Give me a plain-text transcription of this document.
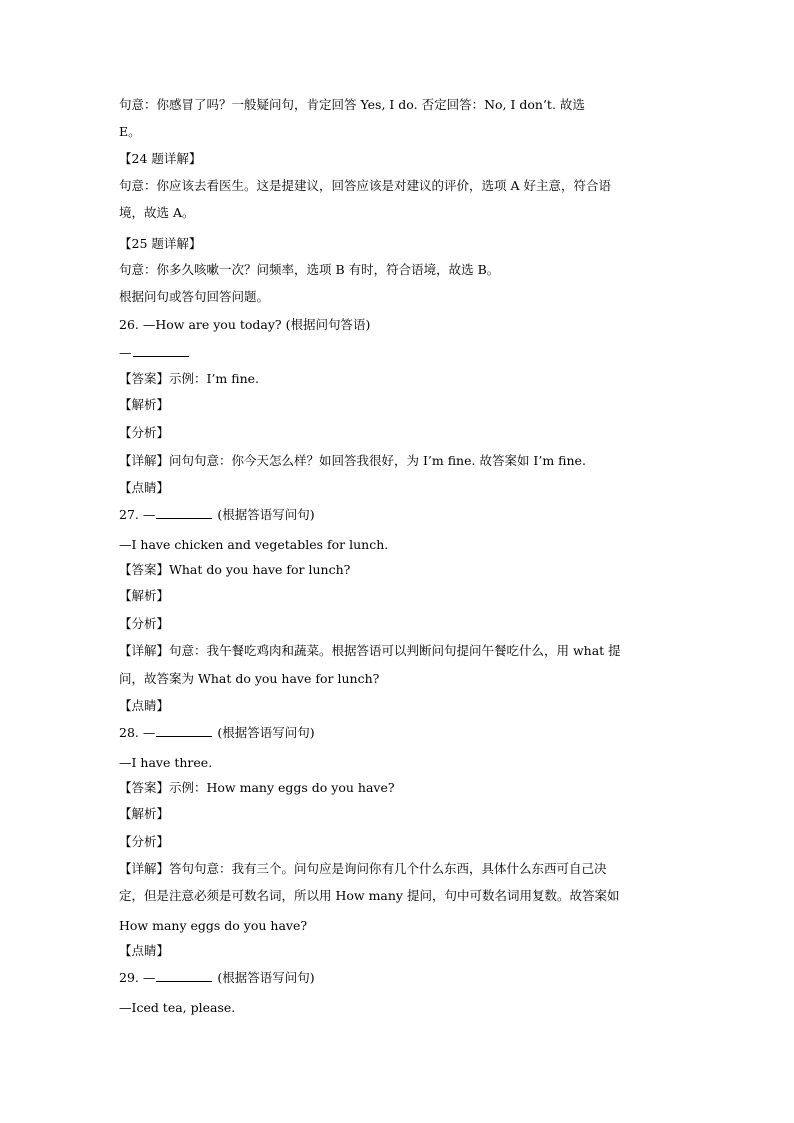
句意：你感冒了吗？一般疑问句，肯定回答 Yes, I do. 否定回答：No, I don’t. 故选
E。
【24 题详解】
句意：你应该去看医生。这是提建议，回答应该是对建议的评价，选项 A 好主意，符合语
境，故选 A。
【25 题详解】
句意：你多久咳嗽一次？问频率，选项 B 有时，符合语境，故选 B。
根据问句或答句回答问题。
26. —How are you today? (根据问句答语)
—
【答案】示例：I’m fine.
【解析】
【分析】
【详解】问句句意：你今天怎么样？如回答我很好，为 I’m fine. 故答案如 I’m fine.
【点睛】
27. —	(根据答语写问句)
—I have chicken and vegetables for lunch.
【答案】What do you have for lunch?
【解析】
【分析】
【详解】句意：我午餐吃鸡肉和蔬菜。根据答语可以判断问句提问午餐吃什么，用 what 提
问，故答案为 What do you have for lunch?
【点睛】
28. —	(根据答语写问句)
—I have three.
【答案】示例：How many eggs do you have?
【解析】
【分析】
【详解】答句句意：我有三个。问句应是询问你有几个什么东西，具体什么东西可自己决
定，但是注意必须是可数名词，所以用 How many 提问，句中可数名词用复数。故答案如
How many eggs do you have?
【点睛】
29. —	(根据答语写问句)
—Iced tea, please.
